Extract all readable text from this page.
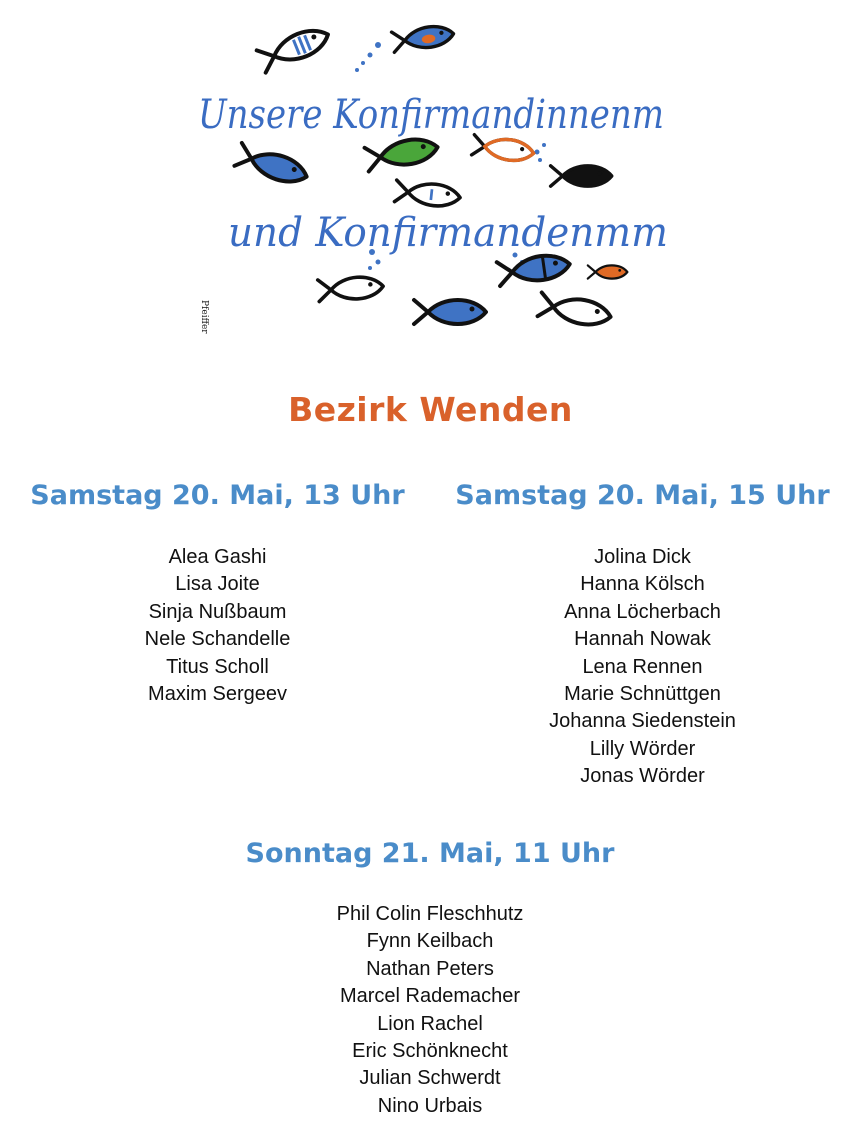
Unsere Konfirmandinnenm
und Konfirmandenmm
Pfeiffer
Bezirk Wenden
Samstag 20. Mai, 13 Uhr
Alea Gashi
Lisa Joite
Sinja Nußbaum
Nele Schandelle
Titus Scholl
Maxim Sergeev
Samstag 20. Mai, 15 Uhr
Jolina Dick
Hanna Kölsch
Anna Löcherbach
Hannah Nowak
Lena Rennen
Marie Schnüttgen
Johanna Siedenstein
Lilly Wörder
Jonas Wörder
Sonntag 21. Mai, 11 Uhr
Phil Colin Fleschhutz
Fynn Keilbach
Nathan Peters
Marcel Rademacher
Lion Rachel
Eric Schönknecht
Julian Schwerdt
Nino Urbais
